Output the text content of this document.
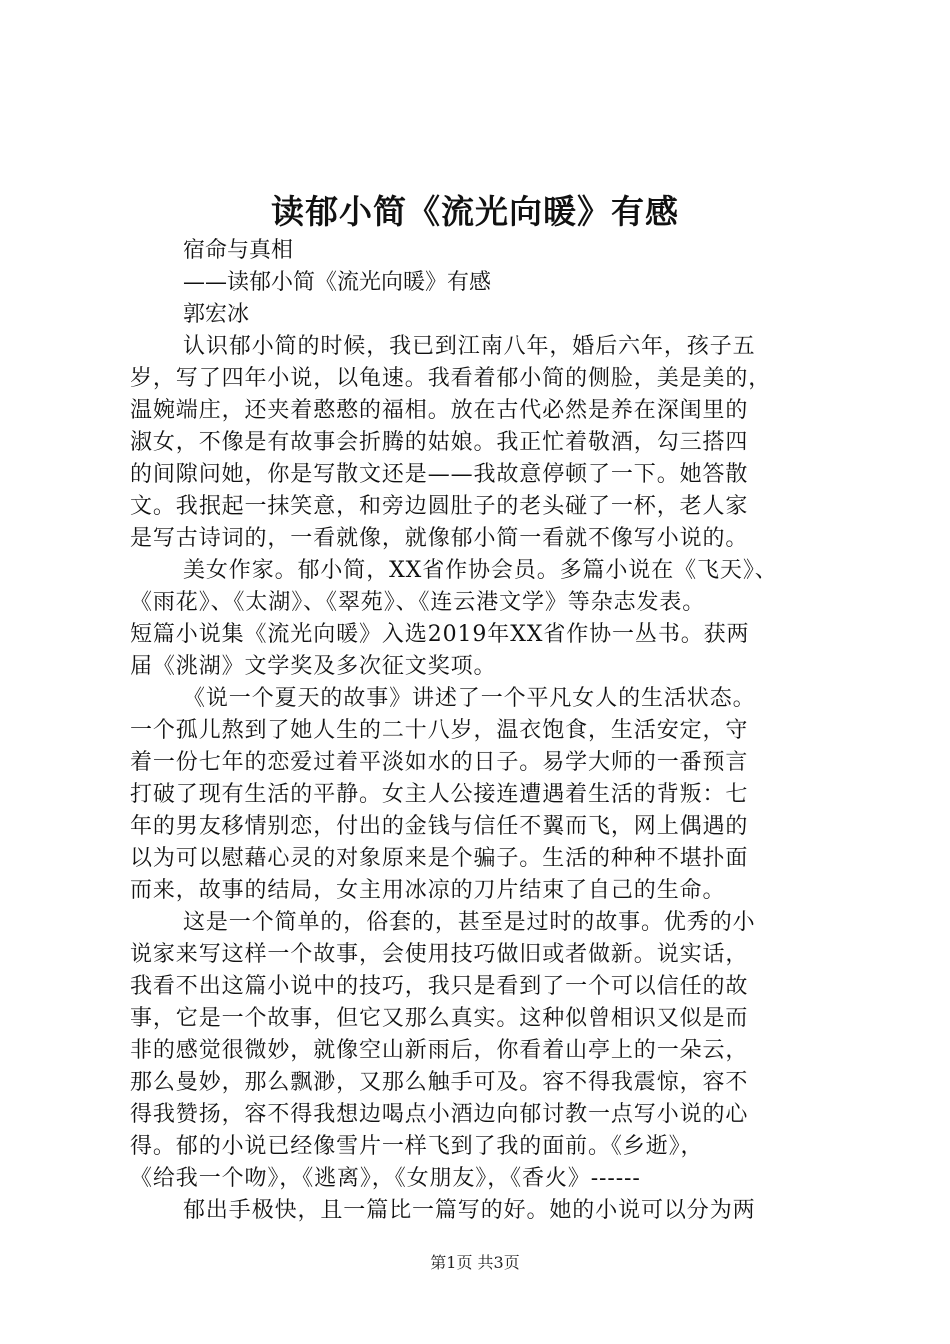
读郁小简《流光向暖》有感
宿命与真相
——读郁小简《流光向暖》有感
郭宏冰
认识郁小简的时候，我已到江南八年，婚后六年，孩子五
岁，写了四年小说，以龟速。我看着郁小简的侧脸，美是美的，
温婉端庄，还夹着憨憨的福相。放在古代必然是养在深闺里的
淑女，不像是有故事会折腾的姑娘。我正忙着敬酒，勾三搭四
的间隙问她，你是写散文还是——我故意停顿了一下。她答散
文。我抿起一抹笑意，和旁边圆肚子的老头碰了一杯，老人家
是写古诗词的，一看就像，就像郁小简一看就不像写小说的。
美女作家。郁小简，XX省作协会员。多篇小说在《飞天》、
《雨花》、《太湖》、《翠苑》、《连云港文学》等杂志发表。
短篇小说集《流光向暖》入选2019年XX省作协一丛书。获两
届《洮湖》文学奖及多次征文奖项。
《说一个夏天的故事》讲述了一个平凡女人的生活状态。
一个孤儿熬到了她人生的二十八岁，温衣饱食，生活安定，守
着一份七年的恋爱过着平淡如水的日子。易学大师的一番预言
打破了现有生活的平静。女主人公接连遭遇着生活的背叛：七
年的男友移情别恋，付出的金钱与信任不翼而飞，网上偶遇的
以为可以慰藉心灵的对象原来是个骗子。生活的种种不堪扑面
而来，故事的结局，女主用冰凉的刀片结束了自己的生命。
这是一个简单的，俗套的，甚至是过时的故事。优秀的小
说家来写这样一个故事，会使用技巧做旧或者做新。说实话，
我看不出这篇小说中的技巧，我只是看到了一个可以信任的故
事，它是一个故事，但它又那么真实。这种似曾相识又似是而
非的感觉很微妙，就像空山新雨后，你看着山亭上的一朵云，
那么曼妙，那么飘渺，又那么触手可及。容不得我震惊，容不
得我赞扬，容不得我想边喝点小酒边向郁讨教一点写小说的心
得。郁的小说已经像雪片一样飞到了我的面前。《乡逝》，
《给我一个吻》，《逃离》，《女朋友》，《香火》------
郁出手极快，且一篇比一篇写的好。她的小说可以分为两
第1页 共3页
